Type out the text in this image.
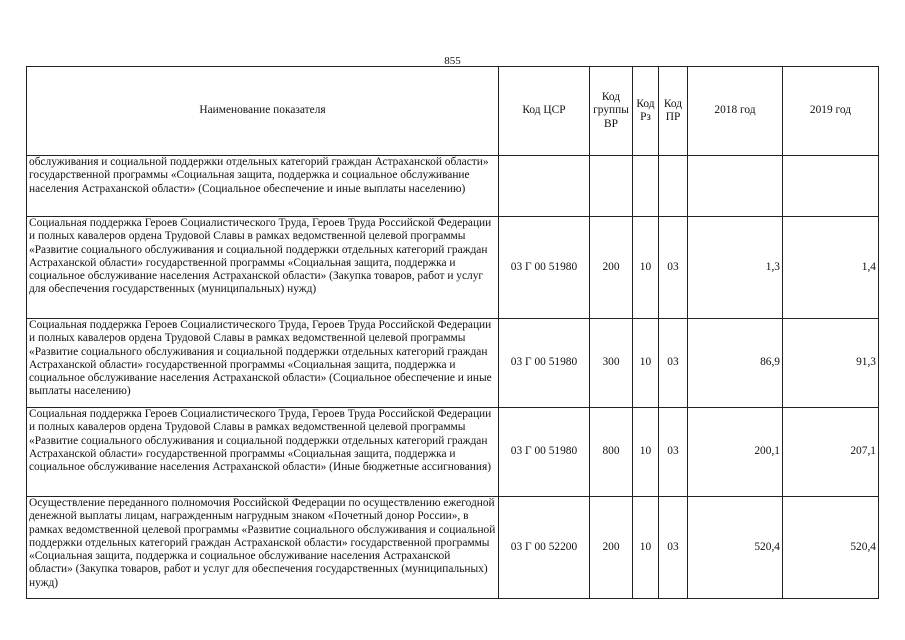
855
Наименование показателя	Код ЦСР	Код группы ВР	Код Рз	Код ПР	2018 год	2019 год
обслуживания и социальной поддержки отдельных категорий граждан Астраханской области» государственной программы «Социальная защита, поддержка и социальное обслуживание населения Астраханской области» (Социальное обеспечение и иные выплаты населению)						
Социальная поддержка Героев Социалистического Труда, Героев Труда Российской Федерации и полных кавалеров ордена Трудовой Славы в рамках ведомственной целевой программы «Развитие социального обслуживания и социальной поддержки отдельных категорий граждан Астраханской области» государственной программы «Социальная защита, поддержка и социальное обслуживание населения Астраханской области» (Закупка товаров, работ и услуг для обеспечения государственных (муниципальных) нужд)	03 Г 00 51980	200	10	03	1,3	1,4
Социальная поддержка Героев Социалистического Труда, Героев Труда Российской Федерации и полных кавалеров ордена Трудовой Славы в рамках ведомственной целевой программы «Развитие социального обслуживания и социальной поддержки отдельных категорий граждан Астраханской области» государственной программы «Социальная защита, поддержка и социальное обслуживание населения Астраханской области» (Социальное обеспечение и иные выплаты населению)	03 Г 00 51980	300	10	03	86,9	91,3
Социальная поддержка Героев Социалистического Труда, Героев Труда Российской Федерации и полных кавалеров ордена Трудовой Славы в рамках ведомственной целевой программы «Развитие социального обслуживания и социальной поддержки отдельных категорий граждан Астраханской области» государственной программы «Социальная защита, поддержка и социальное обслуживание населения Астраханской области» (Иные бюджетные ассигнования)	03 Г 00 51980	800	10	03	200,1	207,1
Осуществление переданного полномочия Российской Федерации по осуществлению ежегодной денежной выплаты лицам, награжденным нагрудным знаком «Почетный донор России», в рамках ведомственной целевой программы «Развитие социального обслуживания и социальной поддержки отдельных категорий граждан Астраханской области» государственной программы «Социальная защита, поддержка и социальное обслуживание населения Астраханской области» (Закупка товаров, работ и услуг для обеспечения государственных (муниципальных) нужд)	03 Г 00 52200	200	10	03	520,4	520,4
